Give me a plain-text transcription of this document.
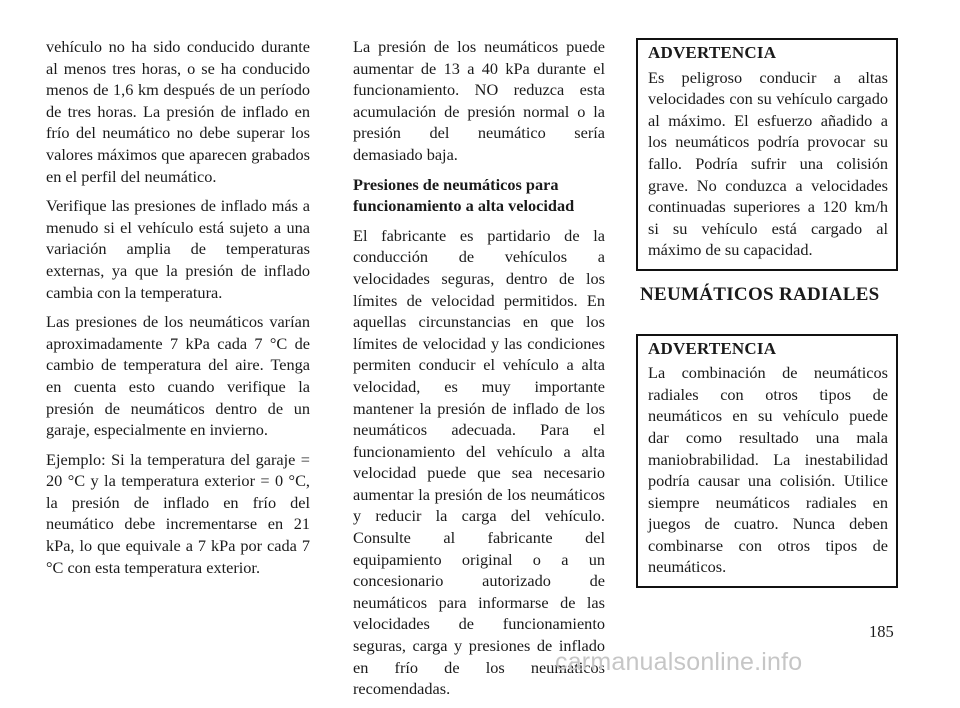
vehículo no ha sido conducido durante al menos tres horas, o se ha conducido menos de 1,6 km después de un período de tres horas. La presión de inflado en frío del neumático no debe superar los valores máximos que aparecen grabados en el perfil del neumático.

Verifique las presiones de inflado más a menudo si el vehículo está sujeto a una variación amplia de temperaturas externas, ya que la presión de inflado cambia con la temperatura.

Las presiones de los neumáticos varían aproximadamente 7 kPa cada 7 °C de cambio de temperatura del aire. Tenga en cuenta esto cuando verifique la presión de neumáticos dentro de un garaje, especialmente en invierno.

Ejemplo: Si la temperatura del garaje = 20 °C y la temperatura exterior = 0 °C, la presión de inflado en frío del neumático debe incrementarse en 21 kPa, lo que equivale a 7 kPa por cada 7 °C con esta temperatura exterior.

La presión de los neumáticos puede aumentar de 13 a 40 kPa durante el funcionamiento. NO reduzca esta acumulación de presión normal o la presión del neumático sería demasiado baja.

Presiones de neumáticos para funcionamiento a alta velocidad

El fabricante es partidario de la conducción de vehículos a velocidades seguras, dentro de los límites de velocidad permitidos. En aquellas circunstancias en que los límites de velocidad y las condiciones permiten conducir el vehículo a alta velocidad, es muy importante mantener la presión de inflado de los neumáticos adecuada. Para el funcionamiento del vehículo a alta velocidad puede que sea necesario aumentar la presión de los neumáticos y reducir la carga del vehículo. Consulte al fabricante del equipamiento original o a un concesionario autorizado de neumáticos para informarse de las velocidades de funcionamiento seguras, carga y presiones de inflado en frío de los neumáticos recomendadas.

ADVERTENCIA

Es peligroso conducir a altas velocidades con su vehículo cargado al máximo. El esfuerzo añadido a los neumáticos podría provocar su fallo. Podría sufrir una colisión grave. No conduzca a velocidades continuadas superiores a 120 km/h si su vehículo está cargado al máximo de su capacidad.

NEUMÁTICOS RADIALES
ADVERTENCIA

La combinación de neumáticos radiales con otros tipos de neumáticos en su vehículo puede dar como resultado una mala maniobrabilidad. La inestabilidad podría causar una colisión. Utilice siempre neumáticos radiales en juegos de cuatro. Nunca deben combinarse con otros tipos de neumáticos.

185
carmanualsonline.info
